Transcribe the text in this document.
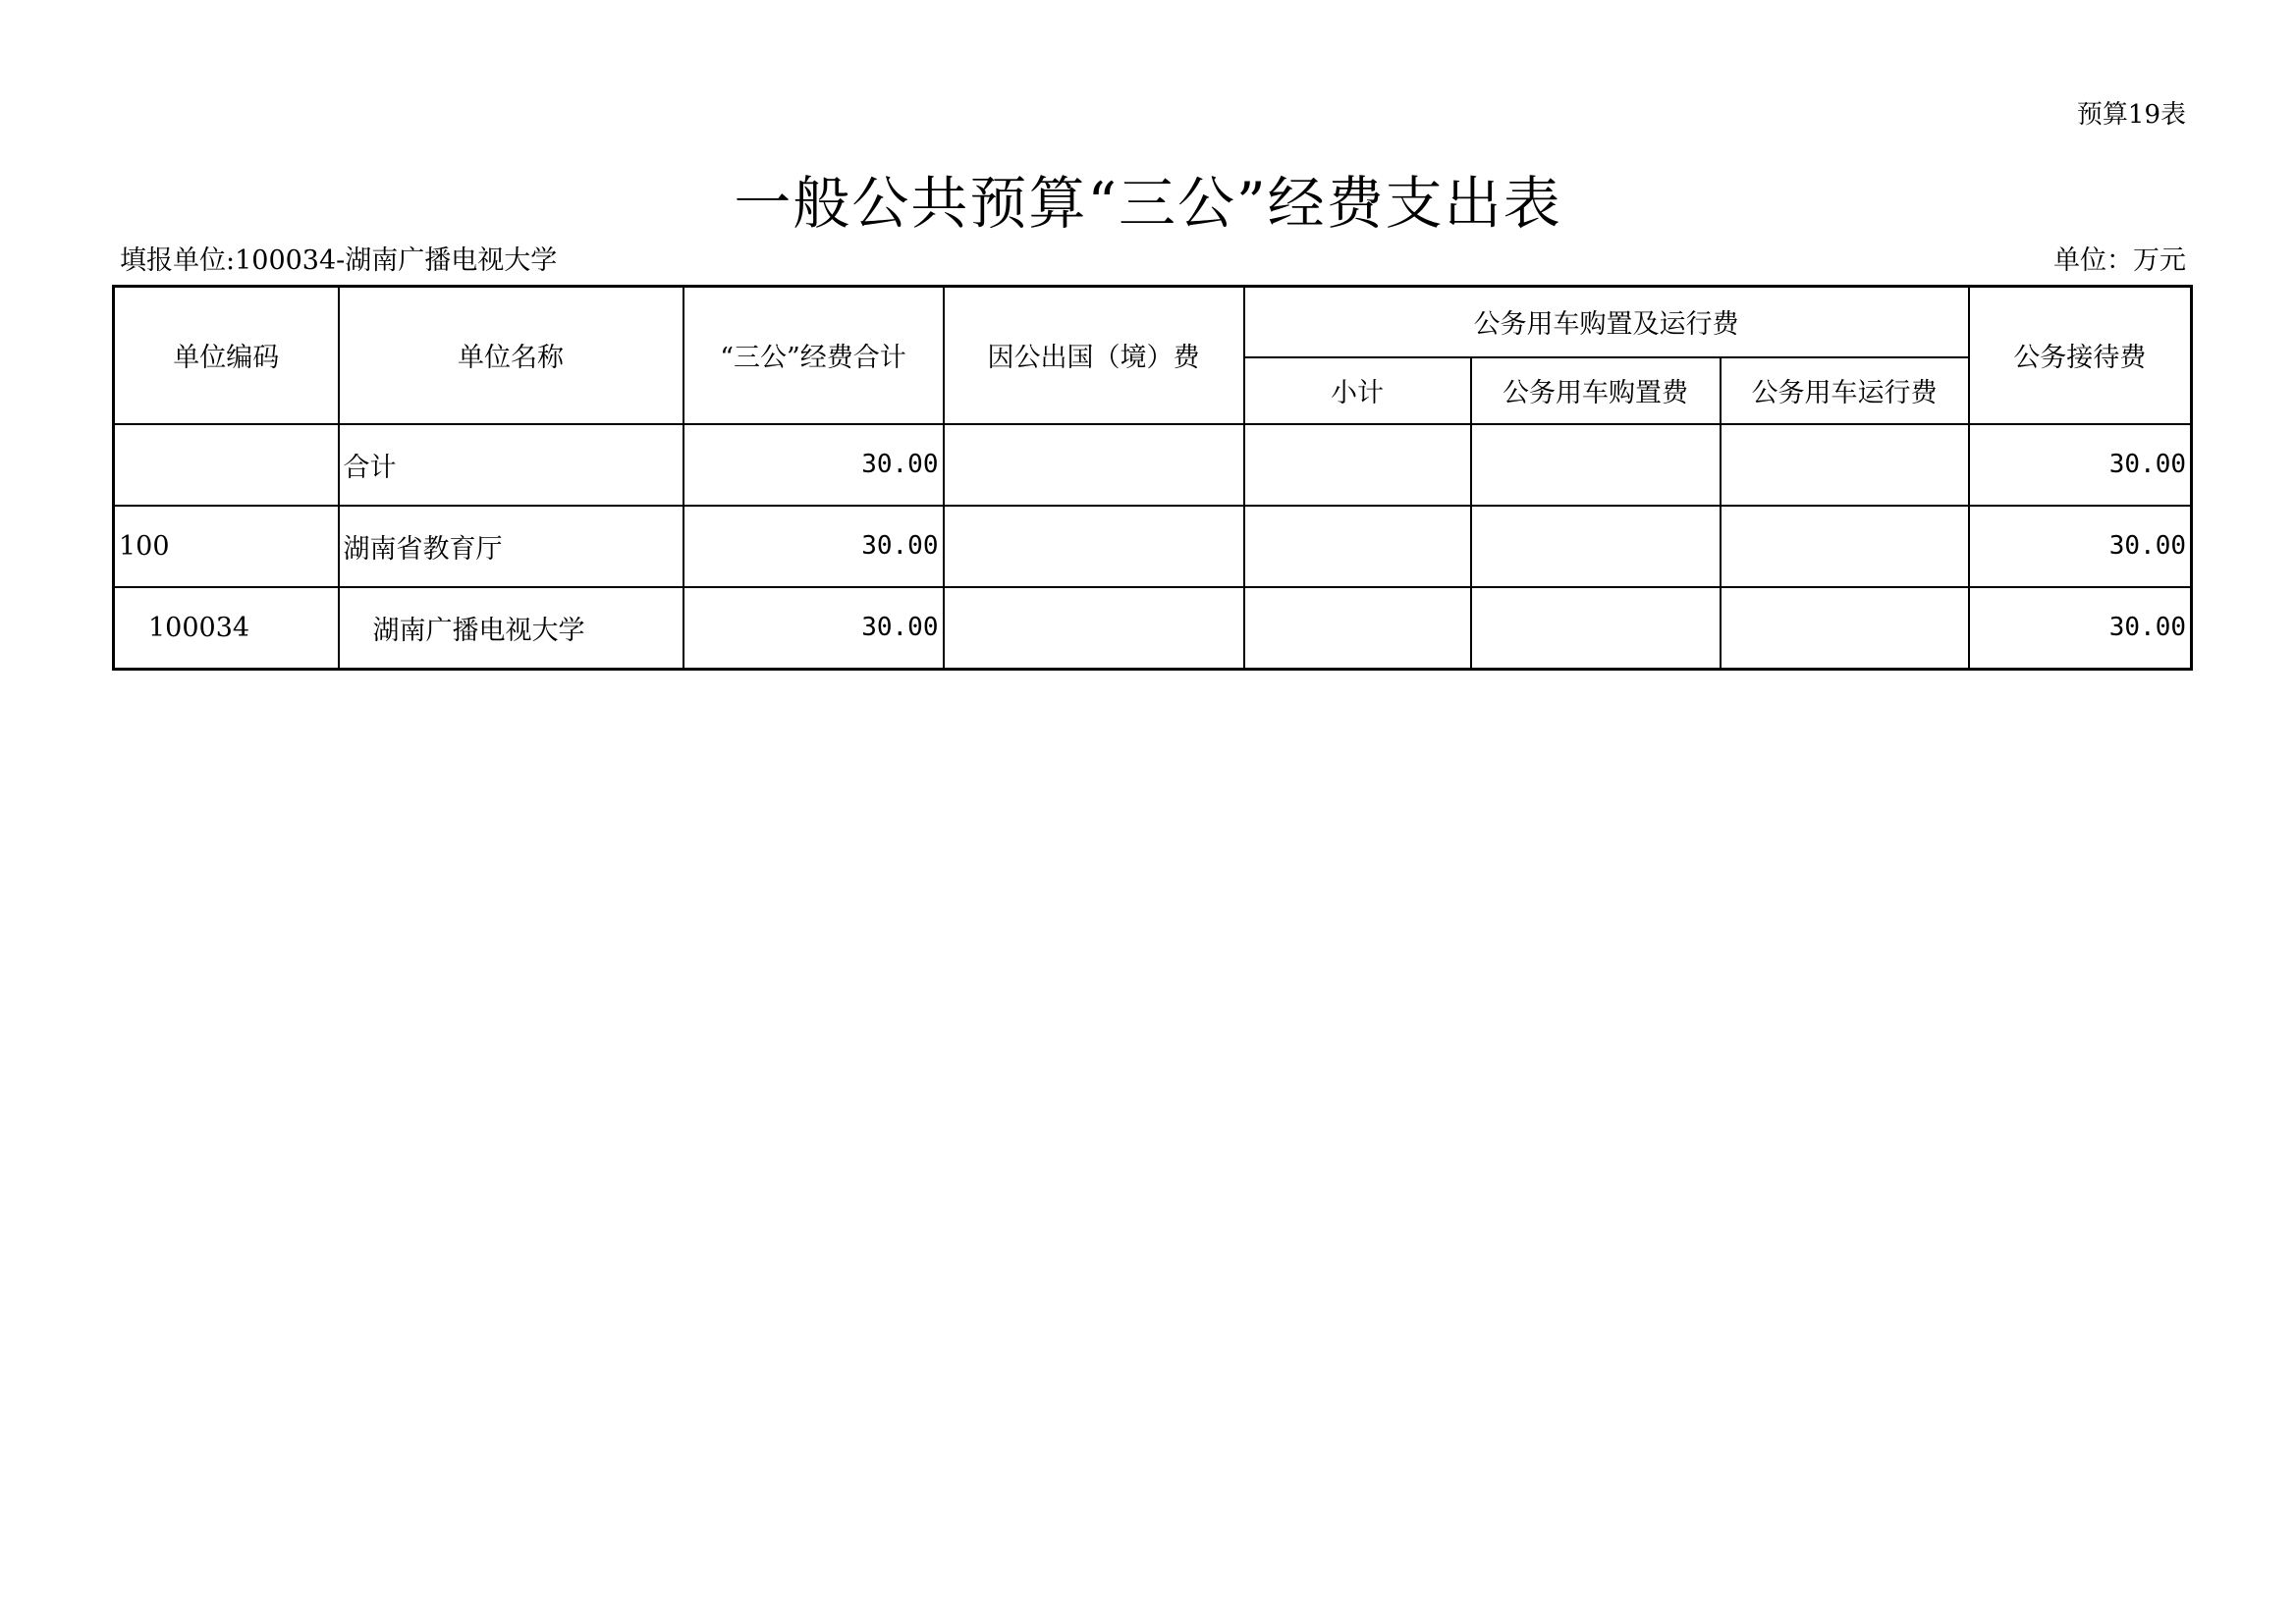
预算19表
一般公共预算“三公”经费支出表
填报单位:100034-湖南广播电视大学	单位：万元
单位编码	单位名称	“三公”经费合计	因公出国（境）费	公务用车购置及运行费			公务接待费
				小计	公务用车购置费	公务用车运行费	
	合计	30.00					30.00
100	湖南省教育厅	30.00					30.00
100034	湖南广播电视大学	30.00					30.00
